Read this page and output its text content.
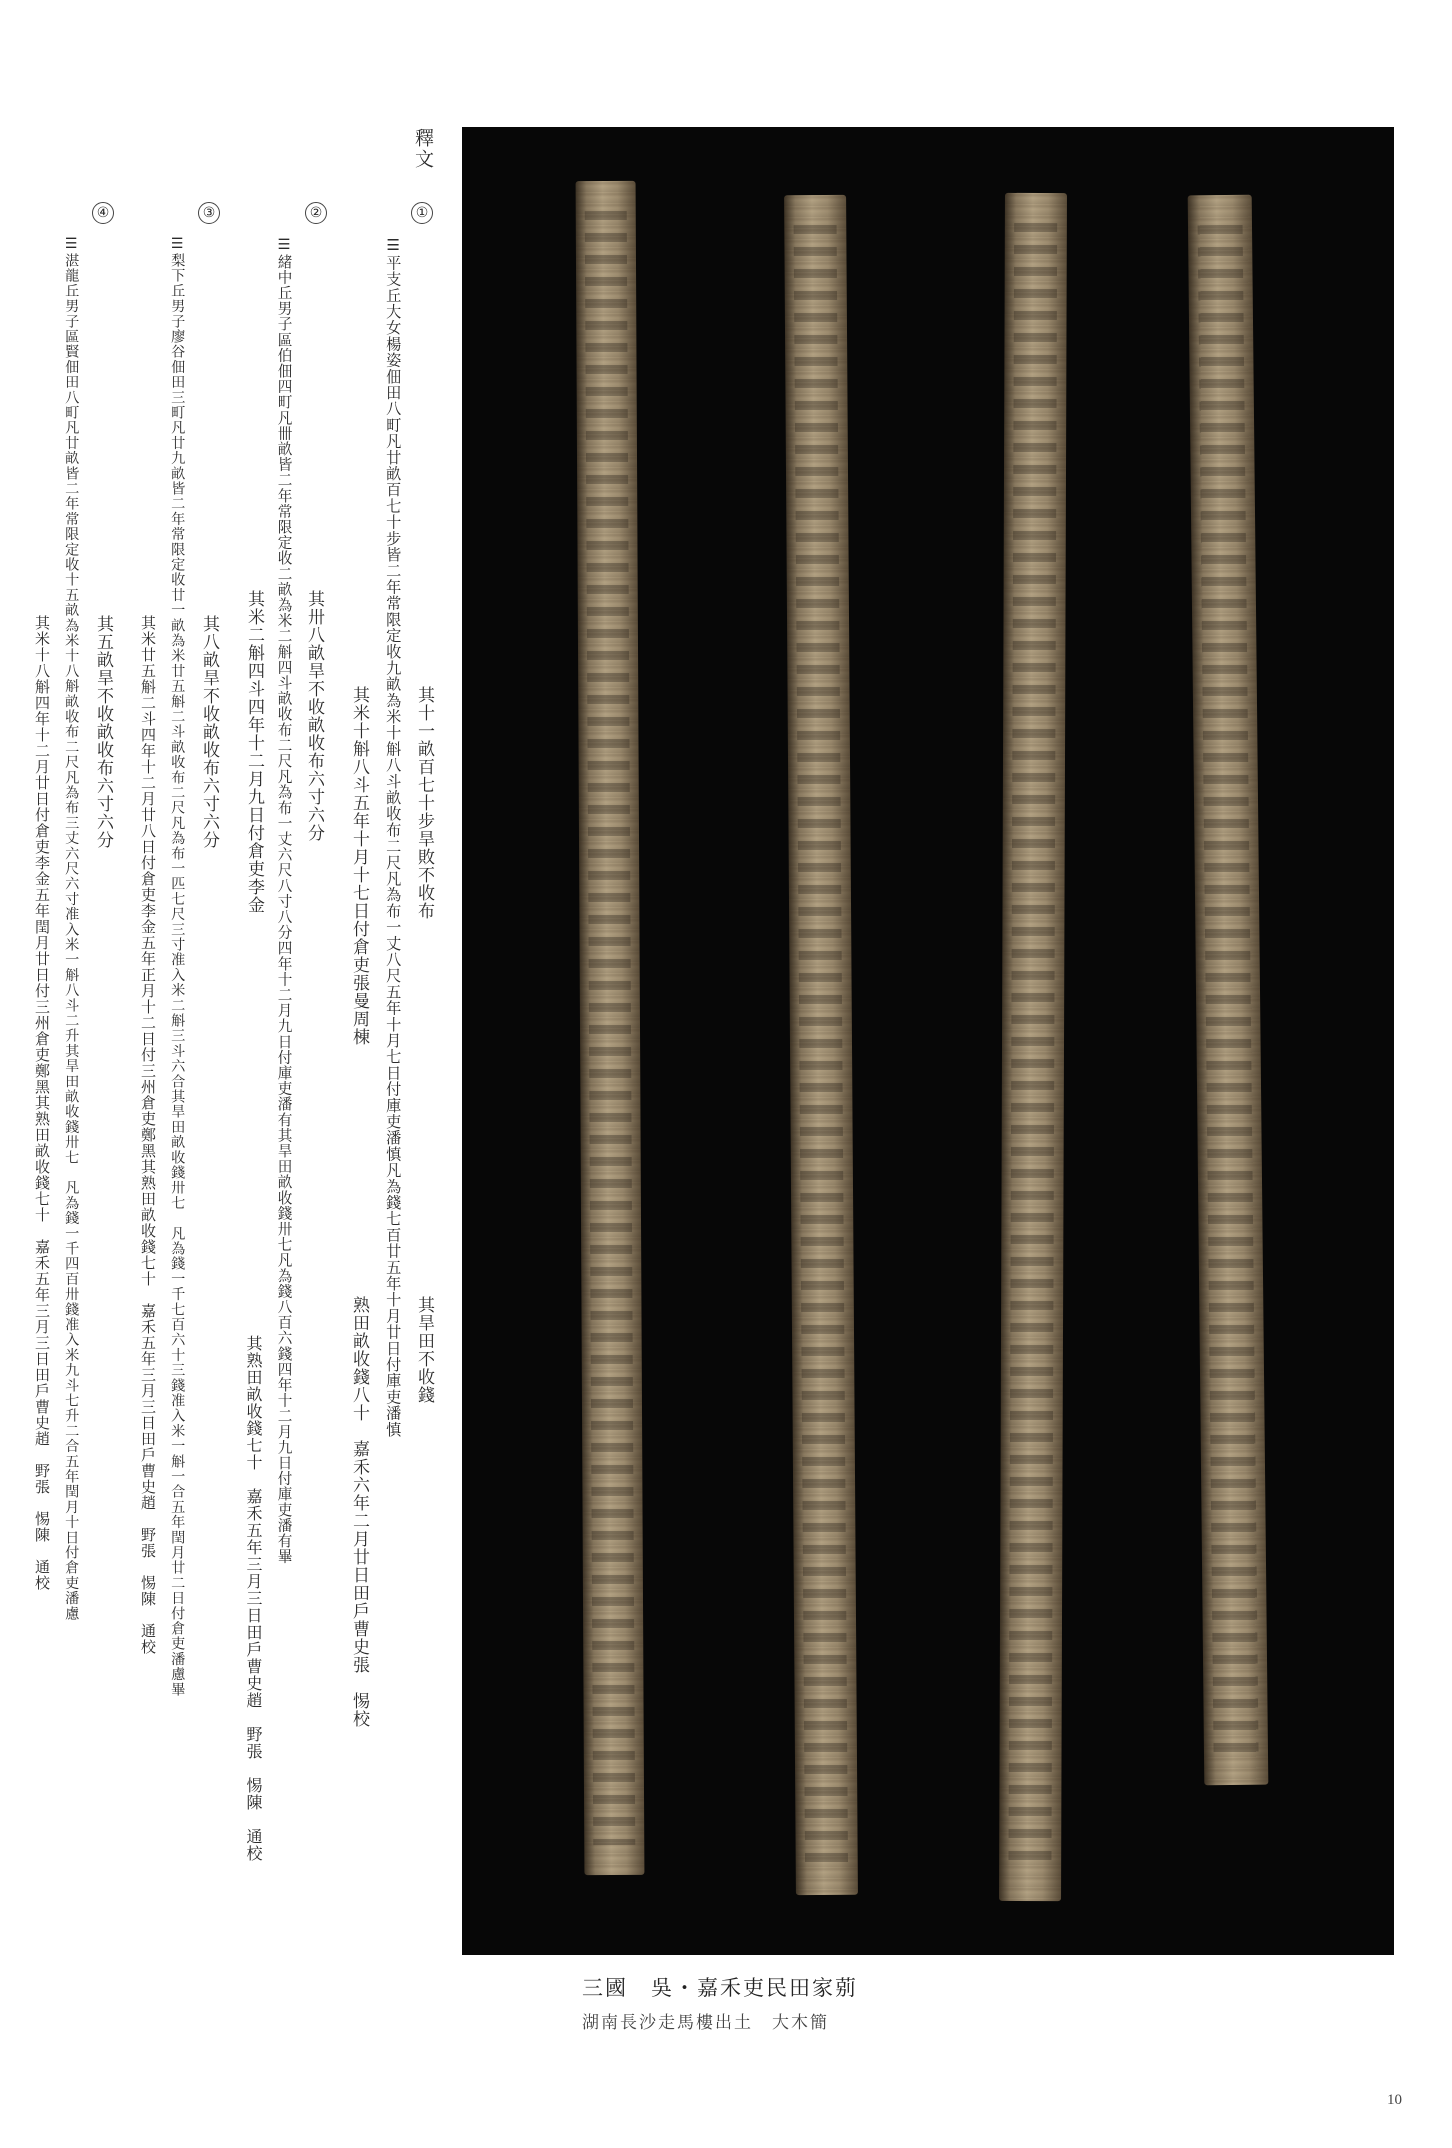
釋文
①
☰平支丘大女楊姿佃田八町凡廿畝百七十步皆二年常限定收九畝為米十斛八斗畝收布二尺凡為布一丈八尺五年十月七日付庫吏潘慎凡為錢七百廿五年十月廿日付庫吏潘慎 其十一畝百七十步旱敗不收布
其米十斛八斗五年十月十七日付倉吏張曼周棟
其旱田不收錢
熟田畝收錢八十　嘉禾六年二月廿日田戶曹史張　惕校
②
☰緒中丘男子區伯佃四町凡卌畝皆二年常限定收二畝為米二斛四斗畝收布二尺凡為布一丈六尺八寸八分四年十二月九日付庫吏潘有其旱田畝收錢卅七凡為錢八百六錢四年十二月九日付庫吏潘有畢 其卅八畝旱不收畝收布六寸六分
其米二斛四斗四年十二月九日付倉吏李金
其熟田畝收錢七十　嘉禾五年三月三日田戶曹史趙　野張　惕陳　通校
③
☰梨下丘男子廖谷佃田三町凡廿九畝皆二年常限定收廿一畝為米廿五斛二斗畝收布二尺凡為布一匹七尺三寸准入米二斛三斗六合其旱田畝收錢卅七　凡為錢一千七百六十三錢准入米一斛一合五年閏月廿二日付倉吏潘慮畢 其八畝旱不收畝收布六寸六分
其米廿五斛二斗四年十二月廿八日付倉吏李金五年正月十二日付三州倉吏鄭黑其熟田畝收錢七十　嘉禾五年三月三日田戶曹史趙　野張　惕陳　通校
④
☰湛龍丘男子區賢佃田八町凡廿畝皆二年常限定收十五畝為米十八斛畝收布二尺凡為布三丈六尺六寸准入米一斛八斗二升其旱田畝收錢卅七　凡為錢一千四百卅錢准入米九斗七升二合五年閏月十日付倉吏潘慮 其五畝旱不收畝收布六寸六分
其米十八斛四年十二月廿日付倉吏李金五年閏月廿日付三州倉吏鄭黑其熟田畝收錢七十　嘉禾五年三月三日田戶曹史趙　野張　惕陳　通校
三國　吳・嘉禾吏民田家莂
湖南長沙走馬樓出土　大木簡
10
